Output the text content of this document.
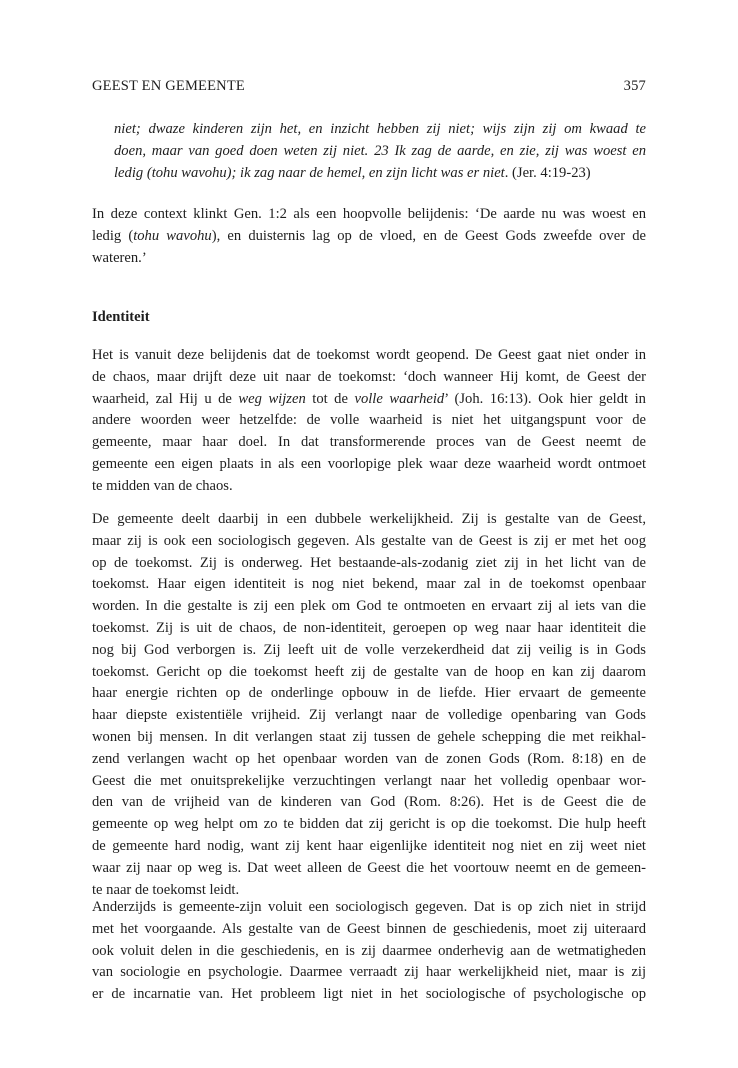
GEEST EN GEMEENTE	357
niet; dwaze kinderen zijn het, en inzicht hebben zij niet; wijs zijn zij om kwaad te
doen, maar van goed doen weten zij niet. 23 Ik zag de aarde, en zie, zij was woest en
ledig (tohu wavohu); ik zag naar de hemel, en zijn licht was er niet. (Jer. 4:19-23)
In deze context klinkt Gen. 1:2 als een hoopvolle belijdenis: ‘De aarde nu was woest en
ledig (tohu wavohu), en duisternis lag op de vloed, en de Geest Gods zweefde over de
wateren.’
Identiteit
Het is vanuit deze belijdenis dat de toekomst wordt geopend. De Geest gaat niet onder in
de chaos, maar drijft deze uit naar de toekomst: ‘doch wanneer Hij komt, de Geest der
waarheid, zal Hij u de weg wijzen tot de volle waarheid’ (Joh. 16:13). Ook hier geldt in
andere woorden weer hetzelfde: de volle waarheid is niet het uitgangspunt voor de
gemeente, maar haar doel. In dat transformerende proces van de Geest neemt de
gemeente een eigen plaats in als een voorlopige plek waar deze waarheid wordt ontmoet
te midden van de chaos.
De gemeente deelt daarbij in een dubbele werkelijkheid. Zij is gestalte van de Geest,
maar zij is ook een sociologisch gegeven. Als gestalte van de Geest is zij er met het oog
op de toekomst. Zij is onderweg. Het bestaande-als-zodanig ziet zij in het licht van de
toekomst. Haar eigen identiteit is nog niet bekend, maar zal in de toekomst openbaar
worden. In die gestalte is zij een plek om God te ontmoeten en ervaart zij al iets van die
toekomst. Zij is uit de chaos, de non-identiteit, geroepen op weg naar haar identiteit die
nog bij God verborgen is. Zij leeft uit de volle verzekerdheid dat zij veilig is in Gods
toekomst. Gericht op die toekomst heeft zij de gestalte van de hoop en kan zij daarom
haar energie richten op de onderlinge opbouw in de liefde. Hier ervaart de gemeente
haar diepste existentiële vrijheid. Zij verlangt naar de volledige openbaring van Gods
wonen bij mensen. In dit verlangen staat zij tussen de gehele schepping die met reikhal-
zend verlangen wacht op het openbaar worden van de zonen Gods (Rom. 8:18) en de
Geest die met onuitsprekelijke verzuchtingen verlangt naar het volledig openbaar wor-
den van de vrijheid van de kinderen van God (Rom. 8:26). Het is de Geest die de
gemeente op weg helpt om zo te bidden dat zij gericht is op die toekomst. Die hulp heeft
de gemeente hard nodig, want zij kent haar eigenlijke identiteit nog niet en zij weet niet
waar zij naar op weg is. Dat weet alleen de Geest die het voortouw neemt en de gemeen-
te naar de toekomst leidt.
Anderzijds is gemeente-zijn voluit een sociologisch gegeven. Dat is op zich niet in strijd
met het voorgaande. Als gestalte van de Geest binnen de geschiedenis, moet zij uiteraard
ook voluit delen in die geschiedenis, en is zij daarmee onderhevig aan de wetmatigheden
van sociologie en psychologie. Daarmee verraadt zij haar werkelijkheid niet, maar is zij
er de incarnatie van. Het probleem ligt niet in het sociologische of psychologische op
